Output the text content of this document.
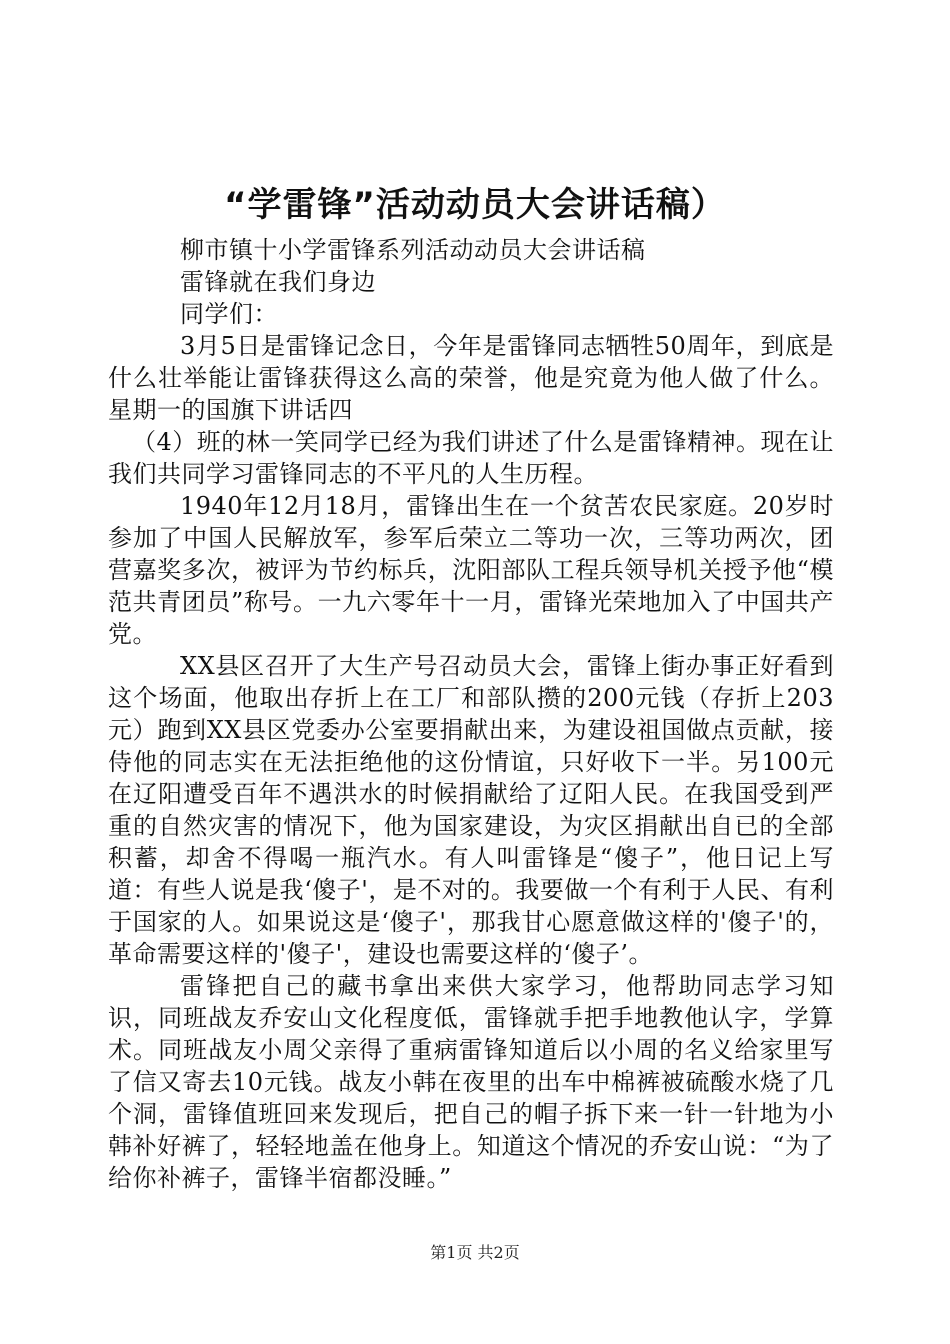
“学雷锋”活动动员大会讲话稿）

柳市镇十小学雷锋系列活动动员大会讲话稿

雷锋就在我们身边

同学们：

3月5日是雷锋记念日，今年是雷锋同志牺牲50周年，到底是什么壮举能让雷锋获得这么高的荣誉，他是究竟为他人做了什么。星期一的国旗下讲话四

（4）班的林一笑同学已经为我们讲述了什么是雷锋精神。现在让我们共同学习雷锋同志的不平凡的人生历程。

1940年12月18月，雷锋出生在一个贫苦农民家庭。20岁时参加了中国人民解放军，参军后荣立二等功一次，三等功两次，团营嘉奖多次，被评为节约标兵，沈阳部队工程兵领导机关授予他“模范共青团员”称号。一九六零年十一月，雷锋光荣地加入了中国共产党。

XX县区召开了大生产号召动员大会，雷锋上街办事正好看到这个场面，他取出存折上在工厂和部队攒的200元钱（存折上203元）跑到XX县区党委办公室要捐献出来，为建设祖国做点贡献，接侍他的同志实在无法拒绝他的这份情谊，只好收下一半。另100元在辽阳遭受百年不遇洪水的时候捐献给了辽阳人民。在我国受到严重的自然灾害的情况下，他为国家建设，为灾区捐献出自已的全部积蓄，却舍不得喝一瓶汽水。有人叫雷锋是“傻子”，他日记上写道：有些人说是我‘傻子'，是不对的。我要做一个有利于人民、有利于国家的人。如果说这是‘傻子'，那我甘心愿意做这样的'傻子'的，革命需要这样的'傻子'，建设也需要这样的‘傻子’。

雷锋把自己的藏书拿出来供大家学习，他帮助同志学习知识，同班战友乔安山文化程度低，雷锋就手把手地教他认字，学算术。同班战友小周父亲得了重病雷锋知道后以小周的名义给家里写了信又寄去10元钱。战友小韩在夜里的出车中棉裤被硫酸水烧了几个洞，雷锋值班回来发现后，把自己的帽子拆下来一针一针地为小韩补好裤了，轻轻地盖在他身上。知道这个情况的乔安山说：“为了给你补裤子，雷锋半宿都没睡。”

第1页 共2页
